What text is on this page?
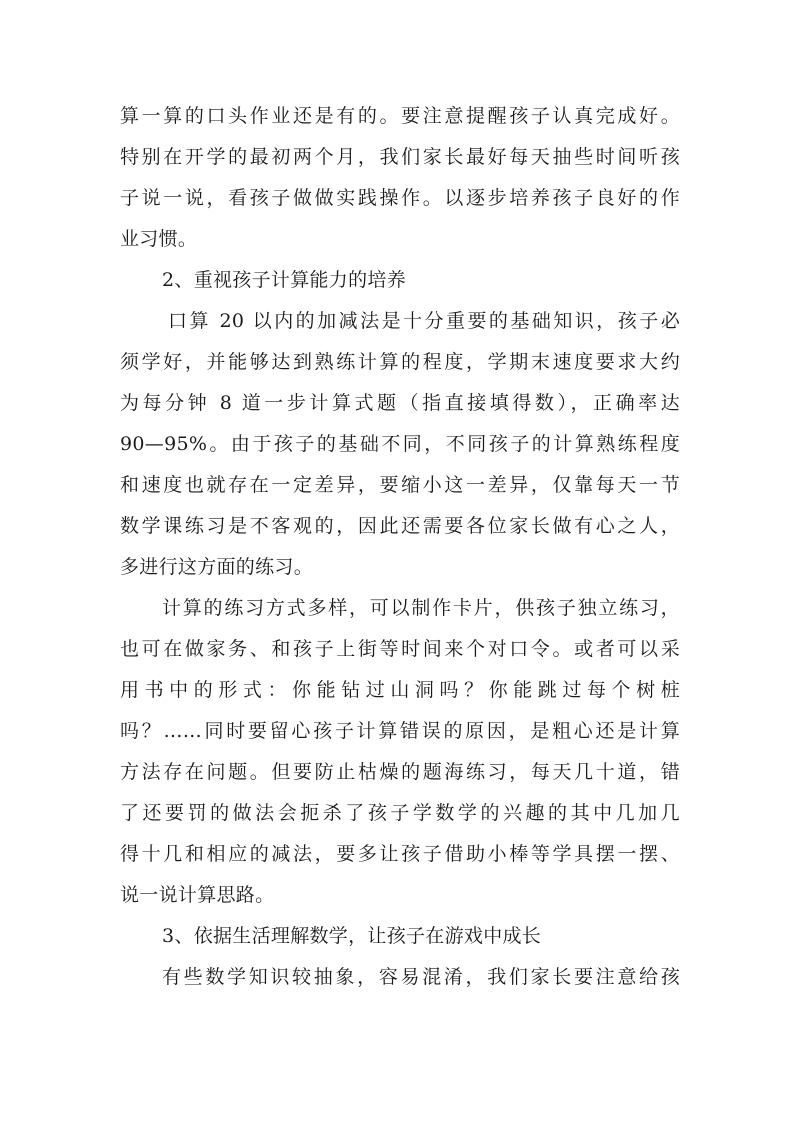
算一算的口头作业还是有的。要注意提醒孩子认真完成好。
特别在开学的最初两个月，我们家长最好每天抽些时间听孩
子说一说，看孩子做做实践操作。以逐步培养孩子良好的作
业习惯。
2、重视孩子计算能力的培养
口算 20 以内的加减法是十分重要的基础知识，孩子必
须学好，并能够达到熟练计算的程度，学期末速度要求大约
为每分钟 8 道一步计算式题（指直接填得数），正确率达
90—95%。由于孩子的基础不同，不同孩子的计算熟练程度
和速度也就存在一定差异，要缩小这一差异，仅靠每天一节
数学课练习是不客观的，因此还需要各位家长做有心之人，
多进行这方面的练习。
计算的练习方式多样，可以制作卡片，供孩子独立练习，
也可在做家务、和孩子上街等时间来个对口令。或者可以采
用书中的形式：你能钻过山洞吗？你能跳过每个树桩
吗？……同时要留心孩子计算错误的原因，是粗心还是计算
方法存在问题。但要防止枯燥的题海练习，每天几十道，错
了还要罚的做法会扼杀了孩子学数学的兴趣的其中几加几
得十几和相应的减法，要多让孩子借助小棒等学具摆一摆、
说一说计算思路。
3、依据生活理解数学，让孩子在游戏中成长
有些数学知识较抽象，容易混淆，我们家长要注意给孩
